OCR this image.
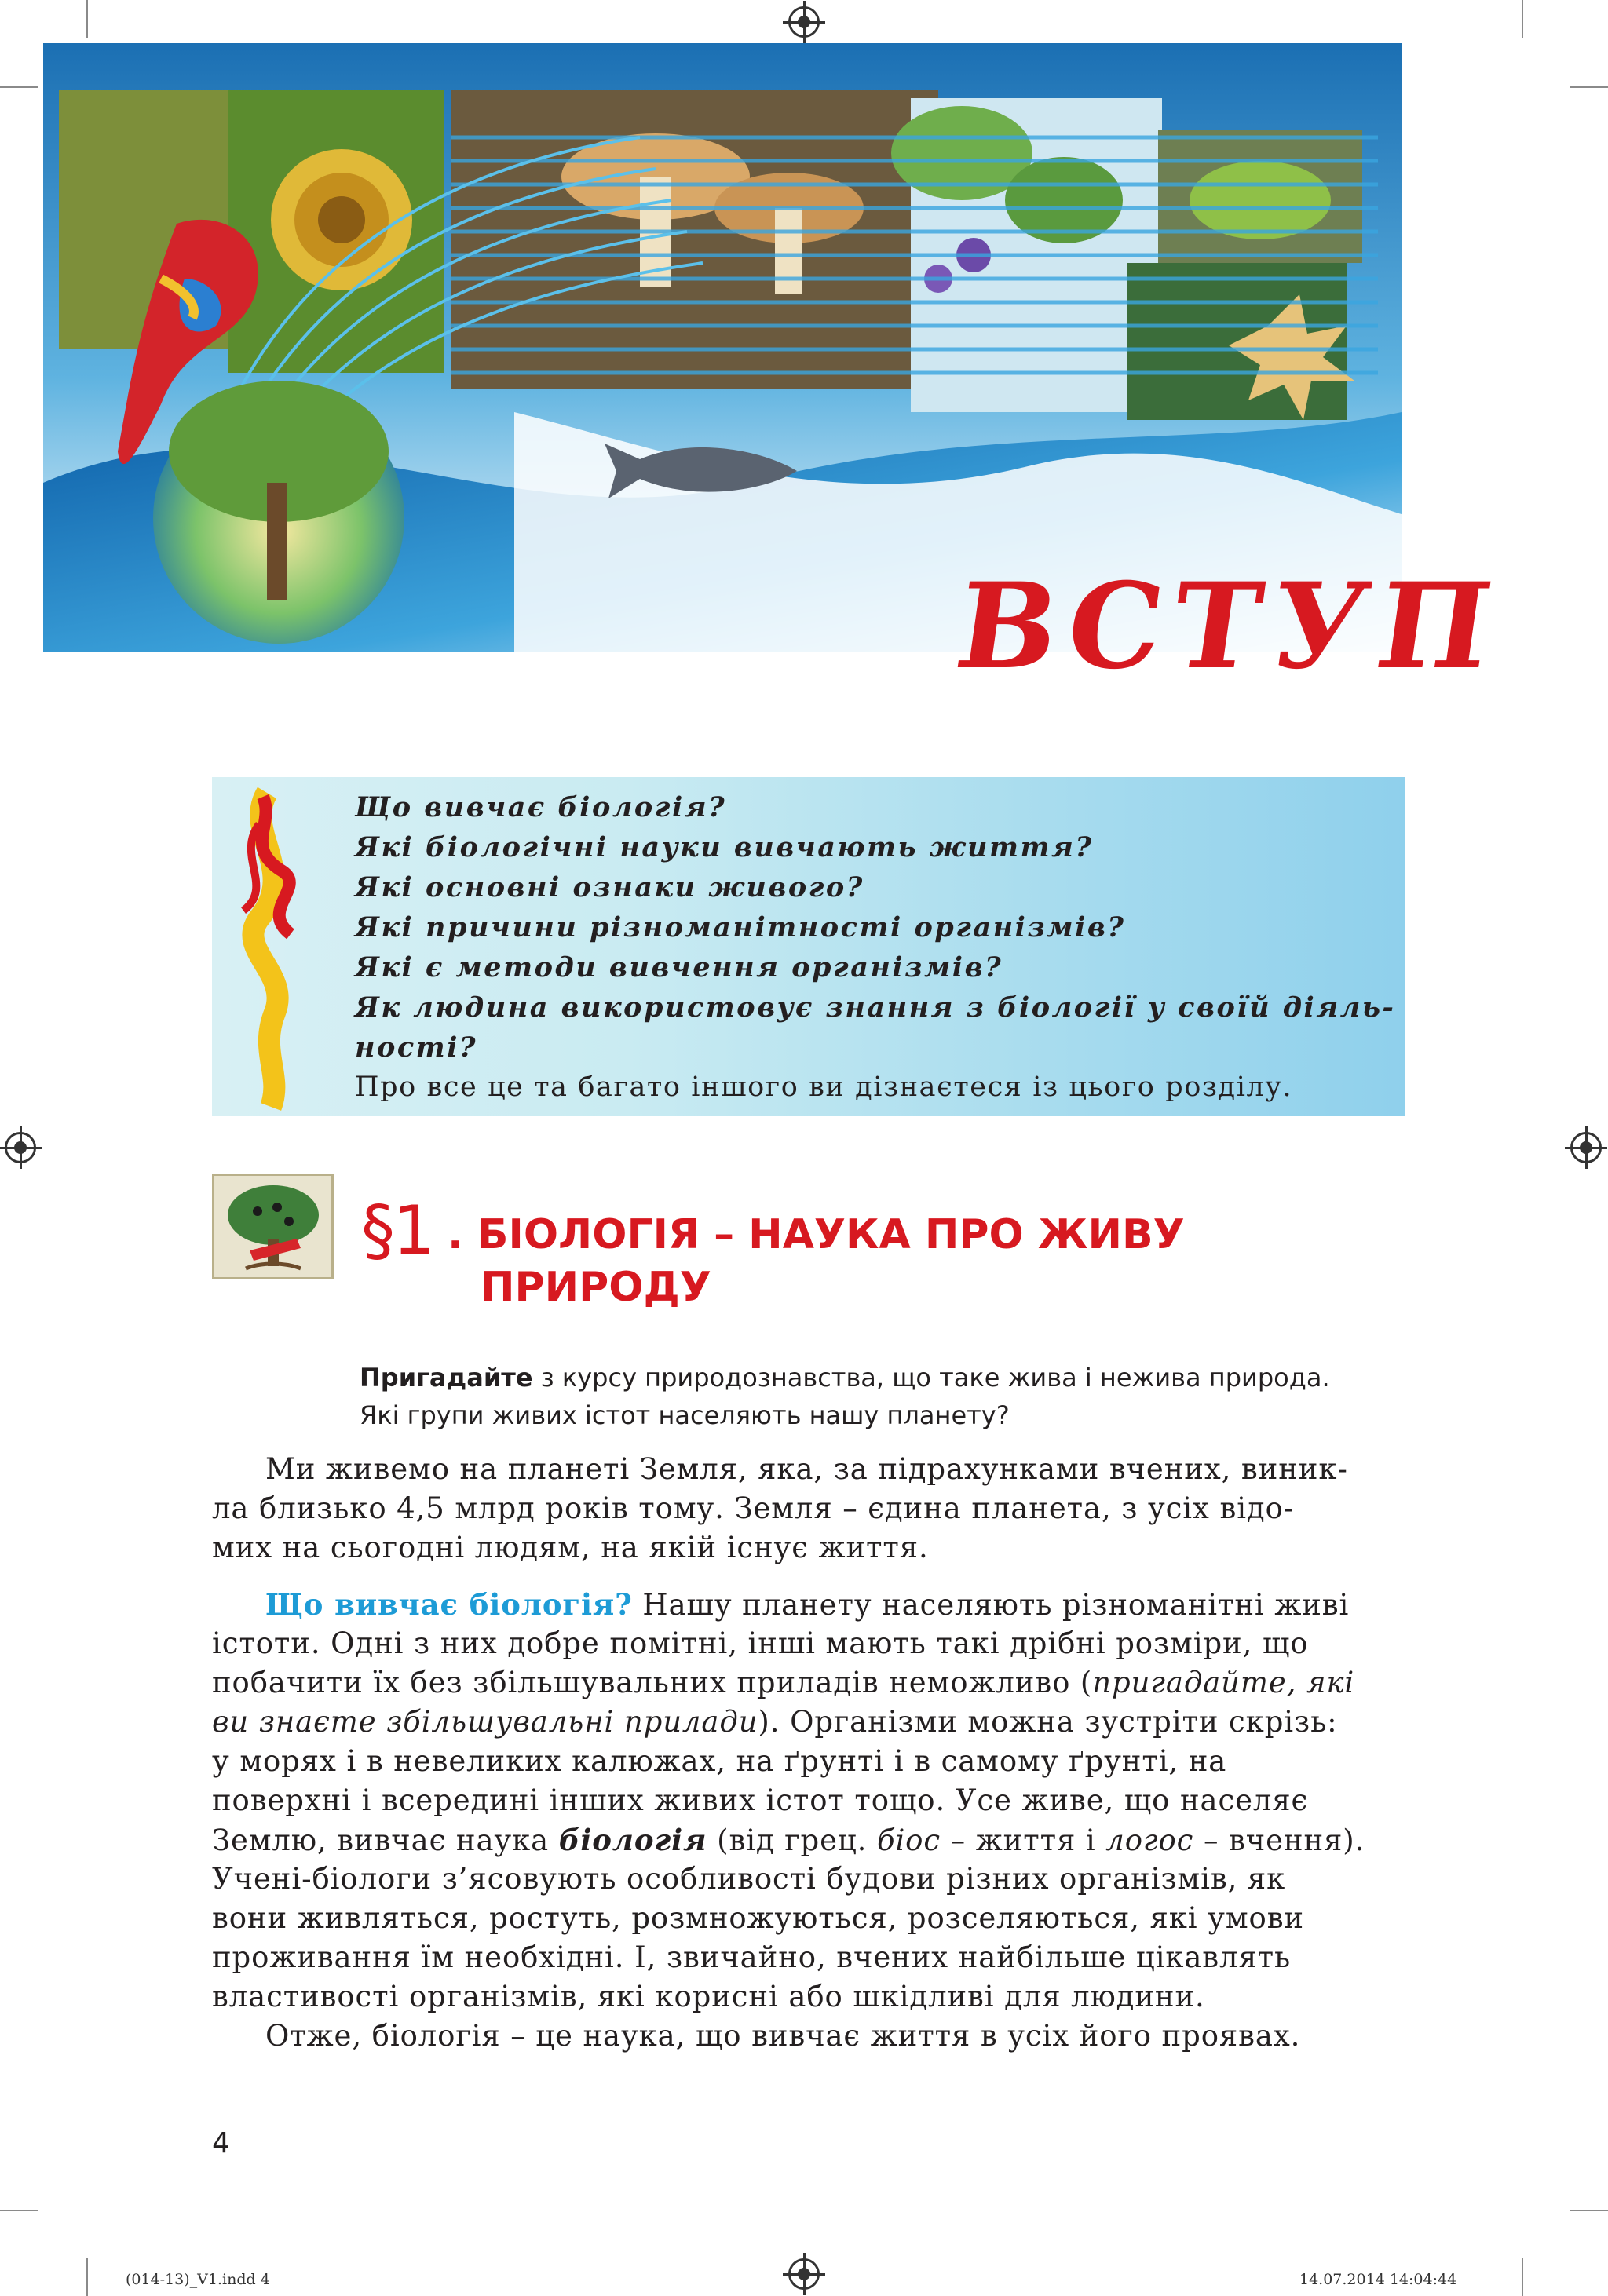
ВСТУП
Що вивчає біологія?
Які біологічні науки вивчають життя?
Які основні ознаки живого?
Які причини різноманітності організмів?
Які є методи вивчення організмів?
Як людина використовує знання з біології у своїй діяль-
ності?
Про все це та багато іншого ви дізнаєтеся із цього розділу.
§1 . БІОЛОГІЯ – НАУКА ПРО ЖИВУ
ПРИРОДУ
Пригадайте з курсу природознавства, що таке жива і нежива природа.
Які групи живих істот населяють нашу планету?
Ми живемо на планеті Земля, яка, за підрахунками вчених, виник-
ла близько 4,5 млрд років тому. Земля – єдина планета, з усіх відо-
мих на сьогодні людям, на якій існує життя.
Що вивчає біологія? Нашу планету населяють різноманітні живі
істоти. Одні з них добре помітні, інші мають такі дрібні розміри, що
побачити їх без збільшувальних приладів неможливо (пригадайте, які
ви знаєте збільшувальні прилади). Організми можна зустріти скрізь:
у морях і в невеликих калюжах, на ґрунті і в самому ґрунті, на
поверхні і всередині інших живих істот тощо. Усе живе, що населяє
Землю, вивчає наука біологія (від грец. біос – життя і логос – вчення).
Учені-біологи з’ясовують особливості будови різних організмів, як
вони живляться, ростуть, розмножуються, розселяються, які умови
проживання їм необхідні. І, звичайно, вчених найбільше цікавлять
властивості організмів, які корисні або шкідливі для людини.
Отже, біологія – це наука, що вивчає життя в усіх його проявах.
4
(014-13)_V1.indd 4	14.07.2014 14:04:44
